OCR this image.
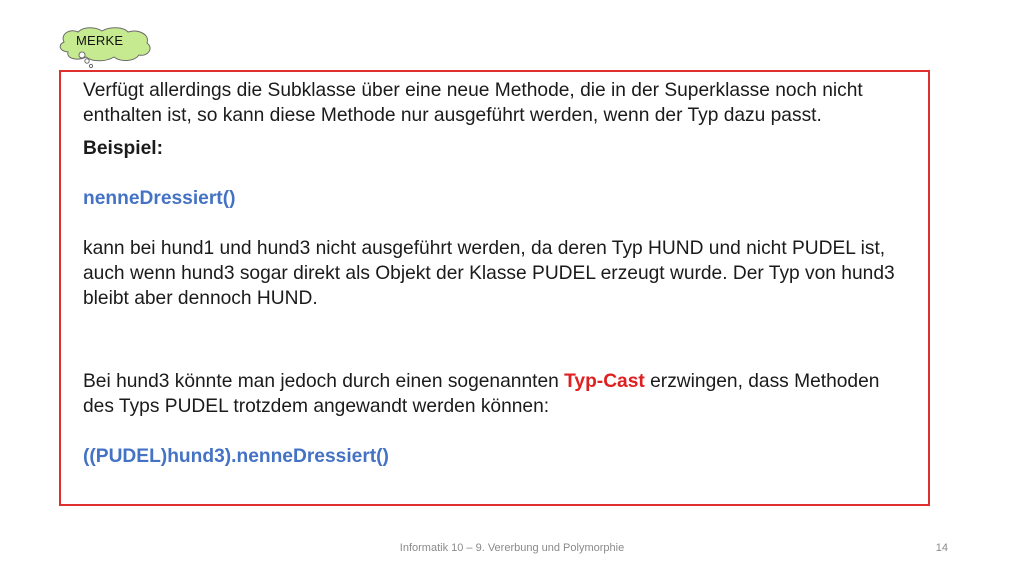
MERKE

Verfügt allerdings die Subklasse über eine neue Methode, die in der Superklasse noch nicht enthalten ist, so kann diese Methode nur ausgeführt werden, wenn der Typ dazu passt.

Beispiel:

nenneDressiert()

kann bei hund1 und hund3 nicht ausgeführt werden, da deren Typ HUND und nicht PUDEL ist, auch wenn hund3 sogar direkt als Objekt der Klasse PUDEL erzeugt wurde. Der Typ von hund3 bleibt aber dennoch HUND.

Bei hund3 könnte man jedoch durch einen sogenannten Typ-Cast erzwingen, dass Methoden des Typs PUDEL trotzdem angewandt werden können:

((PUDEL)hund3).nenneDressiert()

Informatik 10 – 9. Vererbung und Polymorphie	14
